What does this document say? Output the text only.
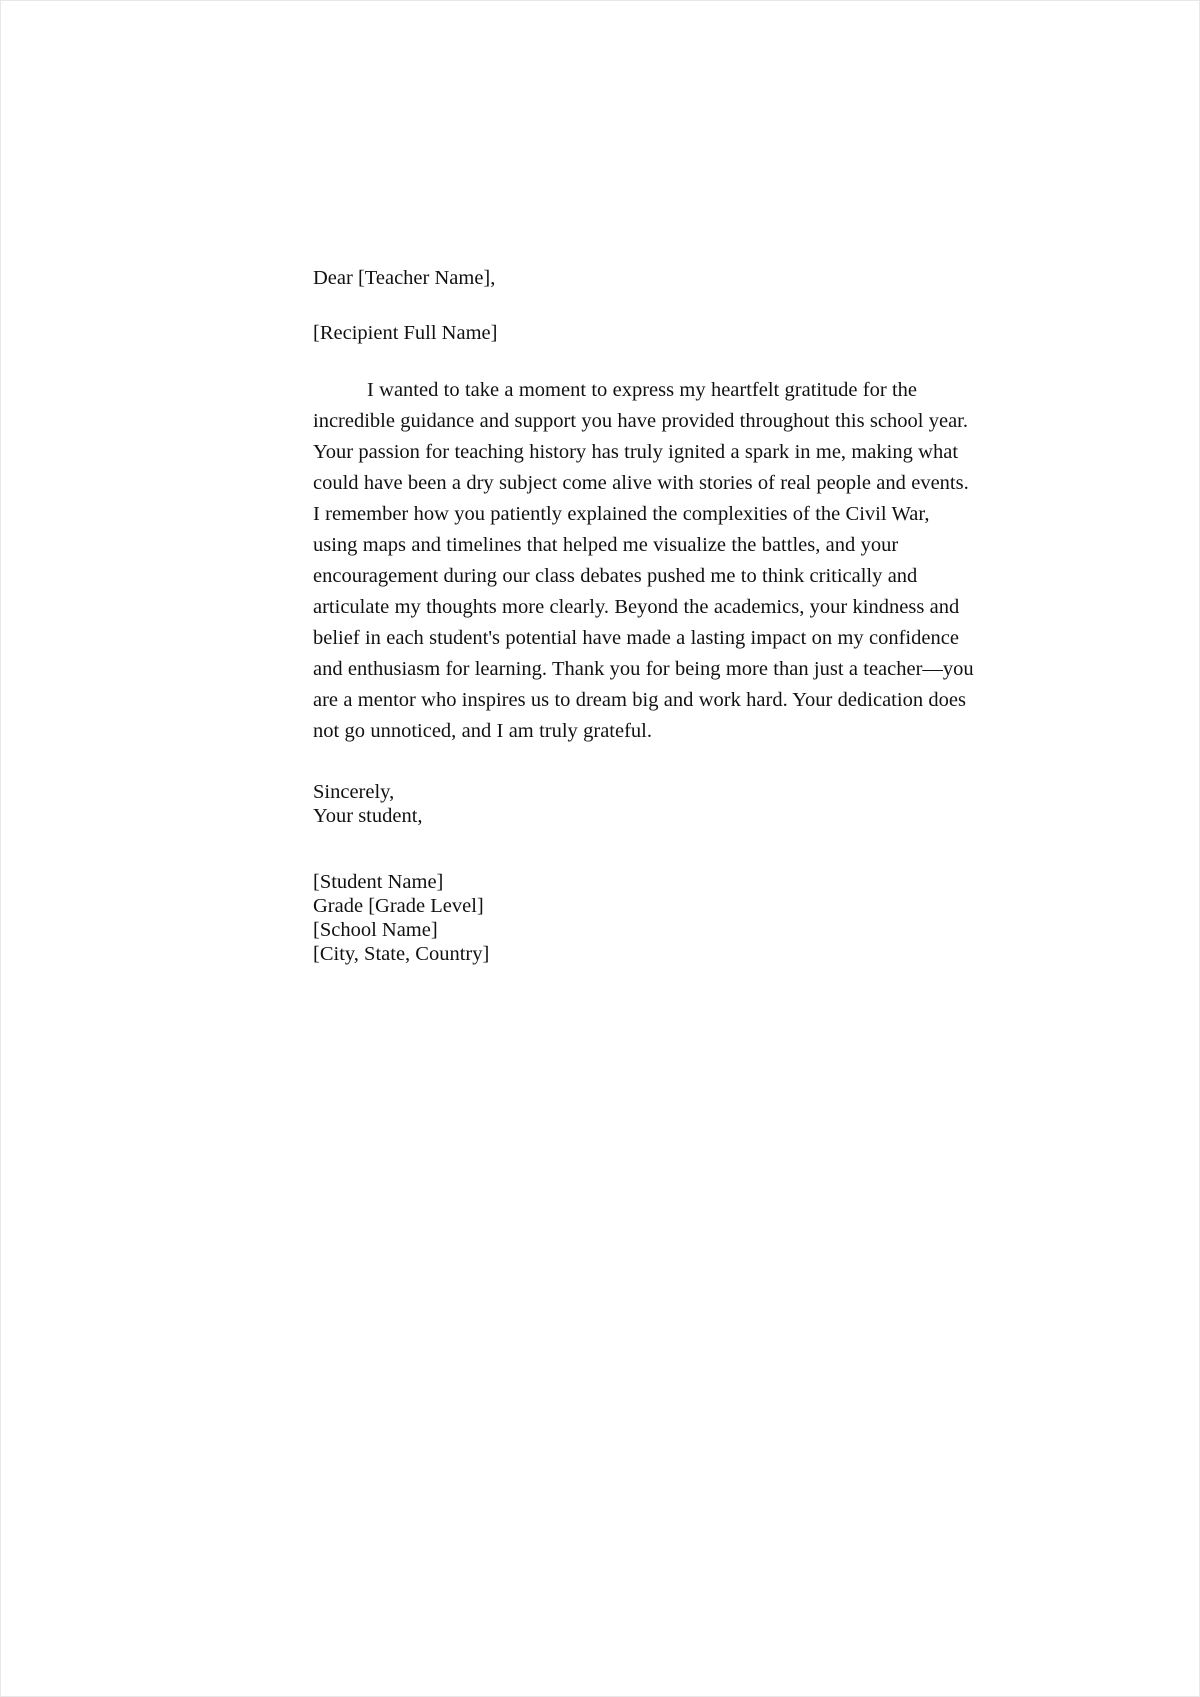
Dear [Teacher Name],

[Recipient Full Name]

I wanted to take a moment to express my heartfelt gratitude for the incredible guidance and support you have provided throughout this school year. Your passion for teaching history has truly ignited a spark in me, making what could have been a dry subject come alive with stories of real people and events. I remember how you patiently explained the complexities of the Civil War, using maps and timelines that helped me visualize the battles, and your encouragement during our class debates pushed me to think critically and articulate my thoughts more clearly. Beyond the academics, your kindness and belief in each student's potential have made a lasting impact on my confidence and enthusiasm for learning. Thank you for being more than just a teacher—you are a mentor who inspires us to dream big and work hard. Your dedication does not go unnoticed, and I am truly grateful.

Sincerely,

Your student,

[Student Name]

Grade [Grade Level]

[School Name]

[City, State, Country]
